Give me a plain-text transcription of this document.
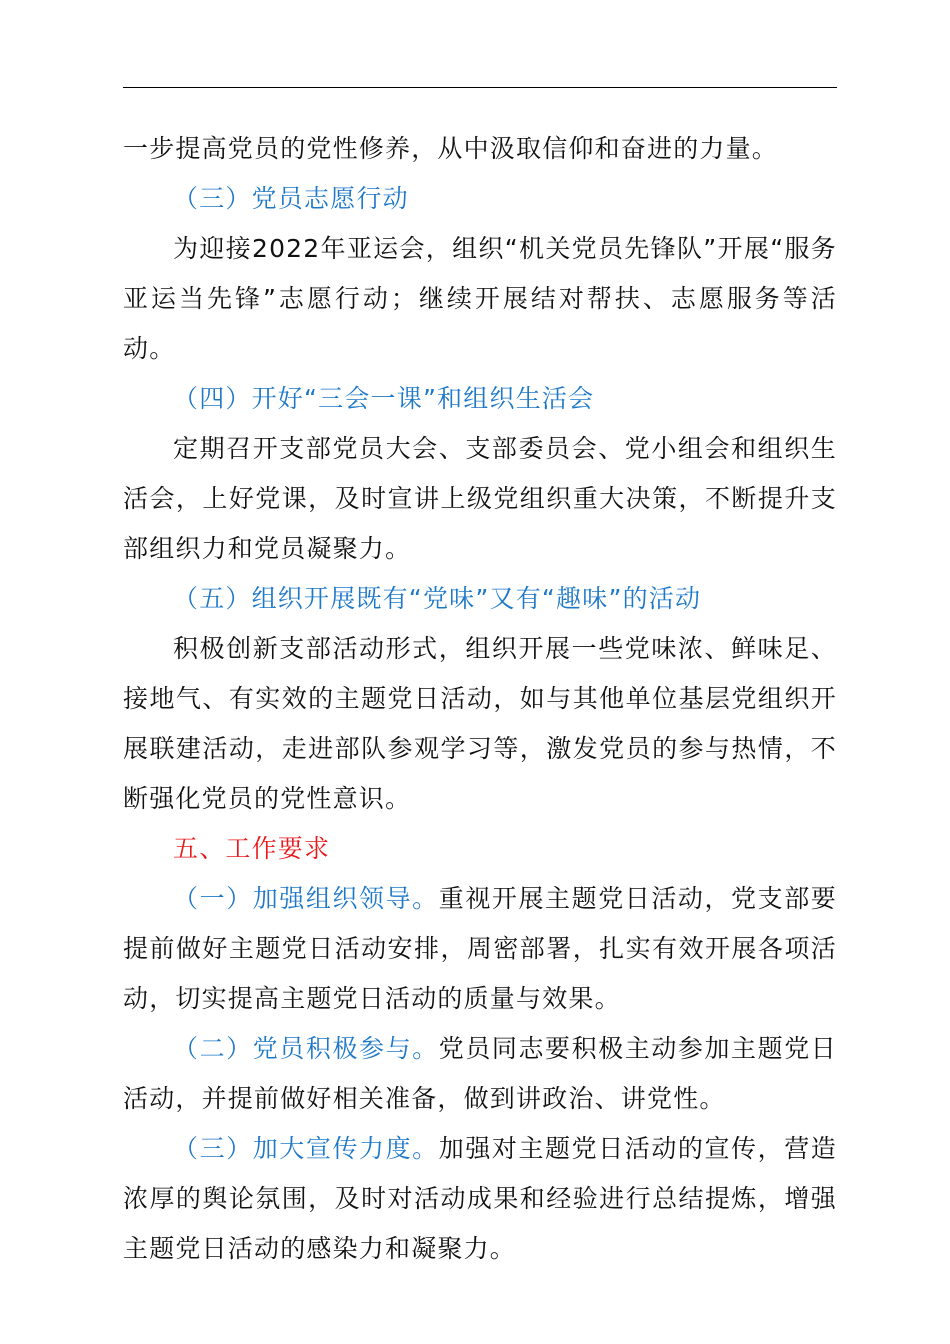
一步提高党员的党性修养，从中汲取信仰和奋进的力量。

（三）党员志愿行动

为迎接2022年亚运会，组织“机关党员先锋队”开展“服务亚运当先锋”志愿行动；继续开展结对帮扶、志愿服务等活动。

（四）开好“三会一课”和组织生活会

定期召开支部党员大会、支部委员会、党小组会和组织生活会，上好党课，及时宣讲上级党组织重大决策，不断提升支部组织力和党员凝聚力。

（五）组织开展既有“党味”又有“趣味”的活动

积极创新支部活动形式，组织开展一些党味浓、鲜味足、接地气、有实效的主题党日活动，如与其他单位基层党组织开展联建活动，走进部队参观学习等，激发党员的参与热情，不断强化党员的党性意识。

五、工作要求

（一）加强组织领导。重视开展主题党日活动，党支部要提前做好主题党日活动安排，周密部署，扎实有效开展各项活动，切实提高主题党日活动的质量与效果。

（二）党员积极参与。党员同志要积极主动参加主题党日活动，并提前做好相关准备，做到讲政治、讲党性。

（三）加大宣传力度。加强对主题党日活动的宣传，营造浓厚的舆论氛围，及时对活动成果和经验进行总结提炼，增强主题党日活动的感染力和凝聚力。
